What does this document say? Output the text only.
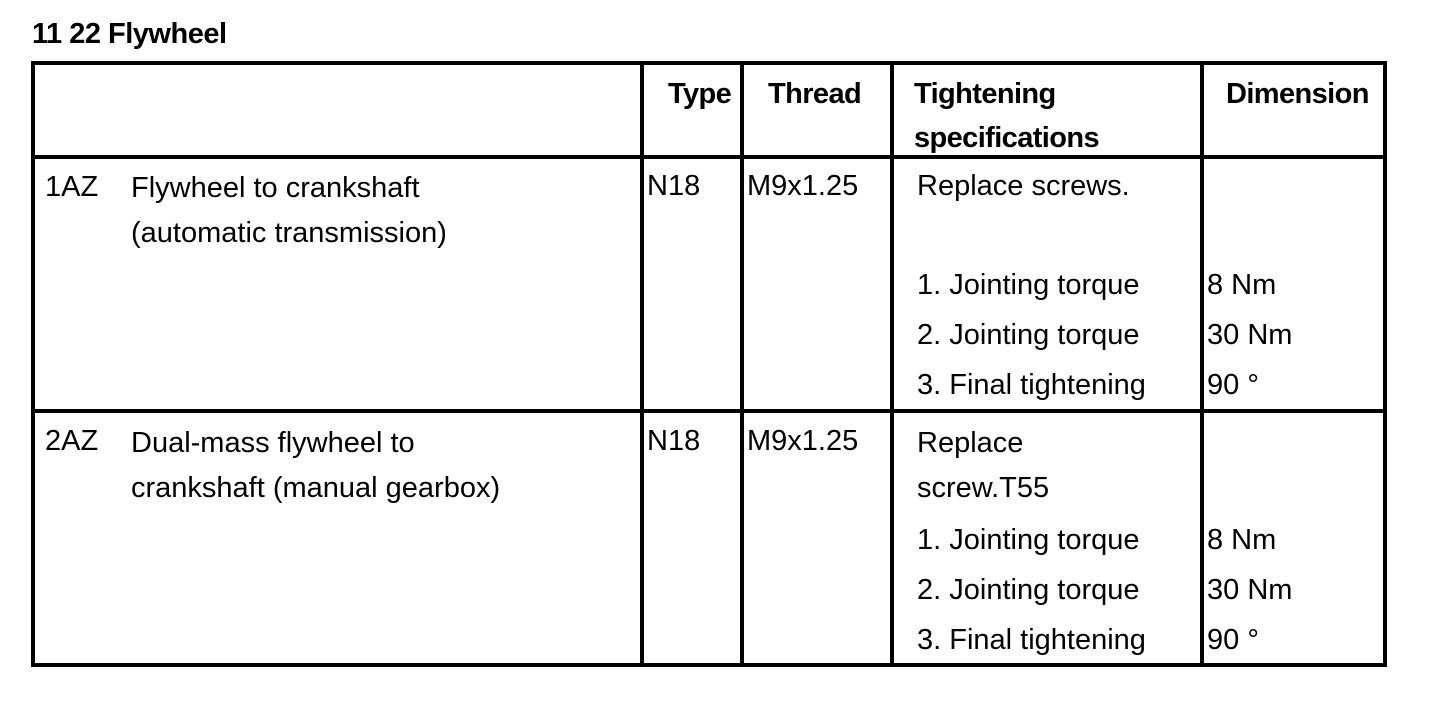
11 22 Flywheel
Type Thread Tightening
specifications
Dimension
1AZ Flywheel to crankshaft
(automatic transmission)
N18 M9x1.25 Replace screws.
1. Jointing torque
2. Jointing torque
3. Final tightening
8 Nm
30 Nm
90 °
2AZ Dual-mass flywheel to
crankshaft (manual gearbox)
N18 M9x1.25 Replace
screw.T55
1. Jointing torque
2. Jointing torque
3. Final tightening
8 Nm
30 Nm
90 °
